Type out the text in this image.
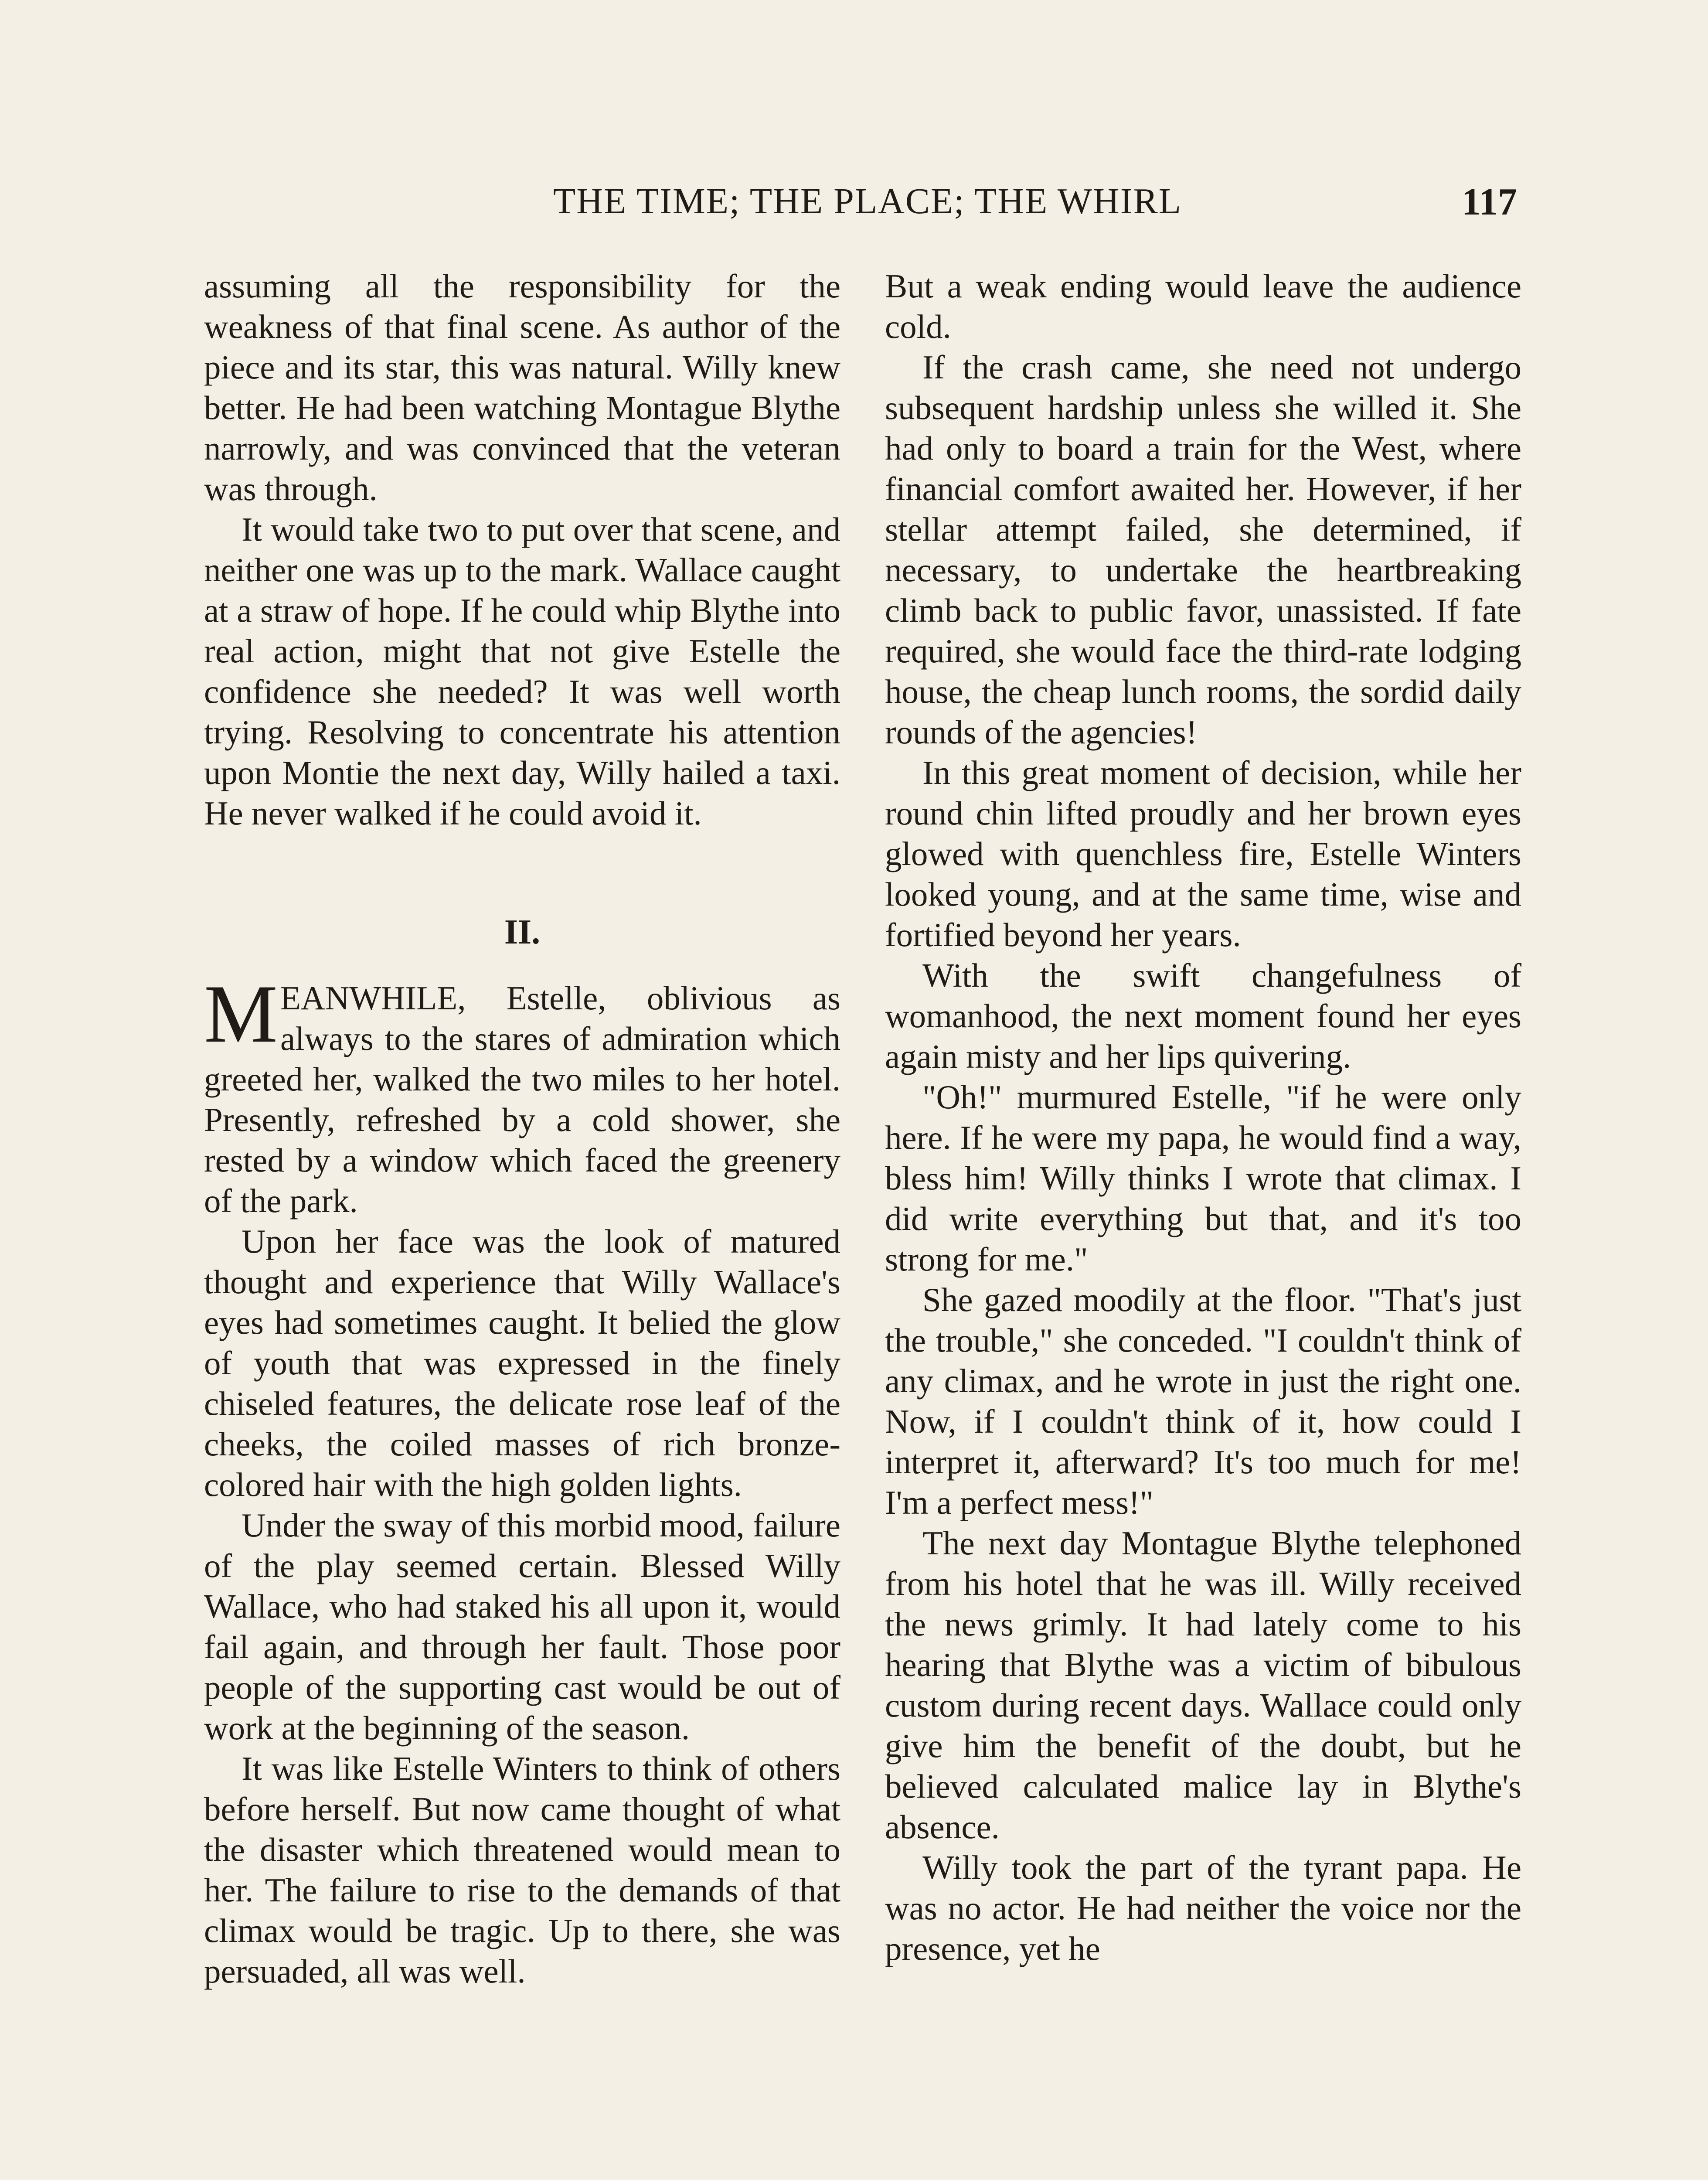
THE TIME; THE PLACE; THE WHIRL	117

assuming all the responsibility for the weakness of that final scene. As author of the piece and its star, this was natural. Willy knew better. He had been watching Montague Blythe narrowly, and was convinced that the veteran was through.

It would take two to put over that scene, and neither one was up to the mark. Wallace caught at a straw of hope. If he could whip Blythe into real action, might that not give Estelle the confidence she needed? It was well worth trying. Resolving to concentrate his attention upon Montie the next day, Willy hailed a taxi. He never walked if he could avoid it.

II.

MEANWHILE, Estelle, oblivious as always to the stares of admiration which greeted her, walked the two miles to her hotel. Presently, refreshed by a cold shower, she rested by a window which faced the greenery of the park.

Upon her face was the look of matured thought and experience that Willy Wallace's eyes had sometimes caught. It belied the glow of youth that was expressed in the finely chiseled features, the delicate rose leaf of the cheeks, the coiled masses of rich bronze-colored hair with the high golden lights.

Under the sway of this morbid mood, failure of the play seemed certain. Blessed Willy Wallace, who had staked his all upon it, would fail again, and through her fault. Those poor people of the supporting cast would be out of work at the beginning of the season.

It was like Estelle Winters to think of others before herself. But now came thought of what the disaster which threatened would mean to her. The failure to rise to the demands of that climax would be tragic. Up to there, she was persuaded, all was well.

But a weak ending would leave the audience cold.

If the crash came, she need not undergo subsequent hardship unless she willed it. She had only to board a train for the West, where financial comfort awaited her. However, if her stellar attempt failed, she determined, if necessary, to undertake the heartbreaking climb back to public favor, unassisted. If fate required, she would face the third-rate lodging house, the cheap lunch rooms, the sordid daily rounds of the agencies!

In this great moment of decision, while her round chin lifted proudly and her brown eyes glowed with quenchless fire, Estelle Winters looked young, and at the same time, wise and fortified beyond her years.

With the swift changefulness of womanhood, the next moment found her eyes again misty and her lips quivering.

"Oh!" murmured Estelle, "if he were only here. If he were my papa, he would find a way, bless him! Willy thinks I wrote that climax. I did write everything but that, and it's too strong for me."

She gazed moodily at the floor. "That's just the trouble," she conceded. "I couldn't think of any climax, and he wrote in just the right one. Now, if I couldn't think of it, how could I interpret it, afterward? It's too much for me! I'm a perfect mess!"

The next day Montague Blythe telephoned from his hotel that he was ill. Willy received the news grimly. It had lately come to his hearing that Blythe was a victim of bibulous custom during recent days. Wallace could only give him the benefit of the doubt, but he believed calculated malice lay in Blythe's absence.

Willy took the part of the tyrant papa. He was no actor. He had neither the voice nor the presence, yet he
